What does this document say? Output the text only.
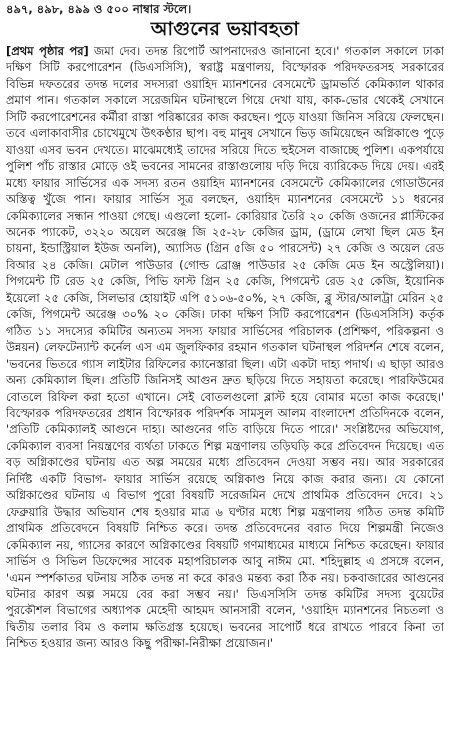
৪৯৭, ৪৯৮, ৪৯৯ ও ৫০০ নাম্বার স্টলে।
আগুনের ভয়াবহতা

[প্রথম পৃষ্ঠার পর] জমা দেব। তদন্ত রিপোর্ট আপনাদেরও জানানো হবে।' গতকাল সকালে ঢাকা দক্ষিণ সিটি করপোরেশন (ডিএসসিসি), স্বরাষ্ট্র মন্ত্রণালয়, বিস্ফোরক পরিদফতরসহ সরকারের বিভিন্ন দফতরের তদন্ত দলের সদস্যরা ওয়াহিদ ম্যানশনের বেসমেন্টে ড্রামভর্তি কেমিক্যাল থাকার প্রমাণ পান। গতকাল সকালে সরেজমিন ঘটনাস্থলে গিয়ে দেখা যায়, কাক-ভোর থেকেই সেখানে সিটি করপোরেশনের কর্মীরা রাস্তা পরিষ্কারের কাজ করছেন। পুড়ে যাওয়া জিনিস সরিয়ে ফেলছেন। তবে এলাকাবাসীর চোখেমুখে উৎকণ্ঠার ছাপ। বহু মানুষ সেখানে ভিড় জমিয়েছেন অগ্নিকাণ্ডে পুড়ে যাওয়া এসব ভবন দেখতে। মাঝেমধ্যেই তাদের সরিয়ে দিতে হুইসেল বাজাচ্ছে পুলিশ। একপর্যায়ে পুলিশ পাঁচ রাস্তার মোড়ে ওই ভবনের সামনের রাস্তাগুলোয় দড়ি দিয়ে ব্যারিকেড দিয়ে দেয়। এরই মধ্যে ফায়ার সার্ভিসের এক সদস্য রতন ওয়াহিদ ম্যানশনের বেসমেন্টে কেমিক্যালের গোডাউনের অস্তিত্ব খুঁজে পান। ফায়ার সার্ভিস সূত্র বলছেন, ওয়াহিদ ম্যানশনের বেসমেন্টে ১১ ধরনের কেমিক্যালের সন্ধান পাওয়া গেছে। এগুলো হলো- কোরিয়ার তৈরি ২০ কেজি ওজনের প্লাস্টিকের অনেক প্যাকেট, ৩২২০ অয়েল অরেঞ্জ জি ২৫-২৮ কেজির ড্রাম, (ড্রামে লেখা ছিল মেড ইন চায়না, ইন্ডাস্ট্রিয়াল ইউজ অনলি), অ্যাসিড (গ্রিন ৫জি ৫০ পারসেন্ট) ২৭ কেজি ও অয়েল রেড বিআর ২৪ কেজি। মেটাল পাউডার (গোল্ড ব্রোঞ্জ পাউডার ২৫ কেজি মেড ইন অস্ট্রেলিয়া)। পিগমেন্ট টি রেড ২৫ কেজি, পিভি ফাস্ট গ্রিন ২৫ কেজি, পিগমেন্ট রেড ২৫ কেজি, ইয়োনিক ইয়েলো ২৫ কেজি, সিলভার হোয়াইট এপি ৫১০৬-৫০%, ২৭ কেজি, ব্লু স্টার/আলট্রা মেরিন ২৫ কেজি, পিগমেন্ট অরেঞ্জ ৩০% ২০ কেজি। ঢাকা দক্ষিণ সিটি করপোরেশন (ডিএসসিসি) কর্তৃক গঠিত ১১ সদস্যের কমিটির অন্যতম সদস্য ফায়ার সার্ভিসের পরিচালক (প্রশিক্ষণ, পরিকল্পনা ও উন্নয়ন) লেফটেন্যান্ট কর্নেল এস এম জুলফিকার রহমান গতকাল ঘটনাস্থল পরিদর্শন শেষে বলেন, 'ভবনের ভিতরে গ্যাস লাইটার রিফিলের ক্যানেস্তারা ছিল। এটা একটা দাহ্য পদার্থ। এ ছাড়া আরও অন্য কেমিক্যাল ছিল। প্রতিটি জিনিসই আগুন দ্রুত ছড়িয়ে দিতে সহায়তা করেছে। পারফিউমের বোতলে রিফিল করা হতো এখানে। সেই বোতলগুলো ব্লাস্ট হয়ে বোমার মতো কাজ করেছে।' বিস্ফোরক পরিদফতরের প্রধান বিস্ফোরক পরিদর্শক সামসুল আলম বাংলাদেশ প্রতিদিনকে বলেন, 'প্রতিটি কেমিক্যালই আগুনে দাহ্য। আগুনের গতি বাড়িয়ে দিতে পারে।' সংশ্লিষ্টদের অভিযোগ, কেমিক্যাল ব্যবসা নিয়ন্ত্রণের ব্যর্থতা ঢাকতে শিল্প মন্ত্রণালয় তড়িঘড়ি করে প্রতিবেদন দিয়েছে। এত বড় অগ্নিকাণ্ডের ঘটনায় এত অল্প সময়ের মধ্যে প্রতিবেদন দেওয়া সম্ভব নয়। আর সরকারের নির্দিষ্ট একটি বিভাগ- ফায়ার সার্ভিস রয়েছে অগ্নিকাণ্ড নিয়ে কাজ করার জন্য। যে কোনো অগ্নিকাণ্ডের ঘটনায় এ বিভাগ পুরো বিষয়টি সরেজমিন দেখে প্রাথমিক প্রতিবেদন দেবে। ২১ ফেব্রুয়ারি উদ্ধার অভিযান শেষ হওয়ার মাত্র ৬ ঘণ্টার মধ্যে শিল্প মন্ত্রণালয় গঠিত তদন্ত কমিটি প্রাথমিক প্রতিবেদনে বিষয়টি নিশ্চিত করে। তদন্ত প্রতিবেদনের বরাত দিয়ে শিল্পমন্ত্রী নিজেও কেমিক্যাল নয়, গ্যাসের কারণে অগ্নিকাণ্ডের বিষয়টি গণমাধ্যমের মাধ্যমে নিশ্চিত করেছেন। ফায়ার সার্ভিস ও সিভিল ডিফেন্সের সাবেক মহাপরিচালক আবু নাঈম মো. শহিদুল্লাহ এ প্রসঙ্গে বলেন, 'এমন স্পর্শকাতর ঘটনায় সঠিক তদন্ত না করে কারও মন্তব্য করা ঠিক নয়। চকবাজারের আগুনের ঘটনার কারণ অল্প সময়ে বের করা সম্ভব নয়।' ডিএসসিসি তদন্ত কমিটির সদস্য বুয়েটের পুরকৌশল বিভাগের অধ্যাপক মেহেদী আহমদ আনসারী বলেন, 'ওয়াহিদ ম্যানশনের নিচতলা ও দ্বিতীয় তলার বিম ও কলাম ক্ষতিগ্রস্ত হয়েছে। ভবনের সাপোর্ট ধরে রাখতে পারবে কিনা তা নিশ্চিত হওয়ার জন্য আরও কিছু পরীক্ষা-নিরীক্ষা প্রয়োজন।'
